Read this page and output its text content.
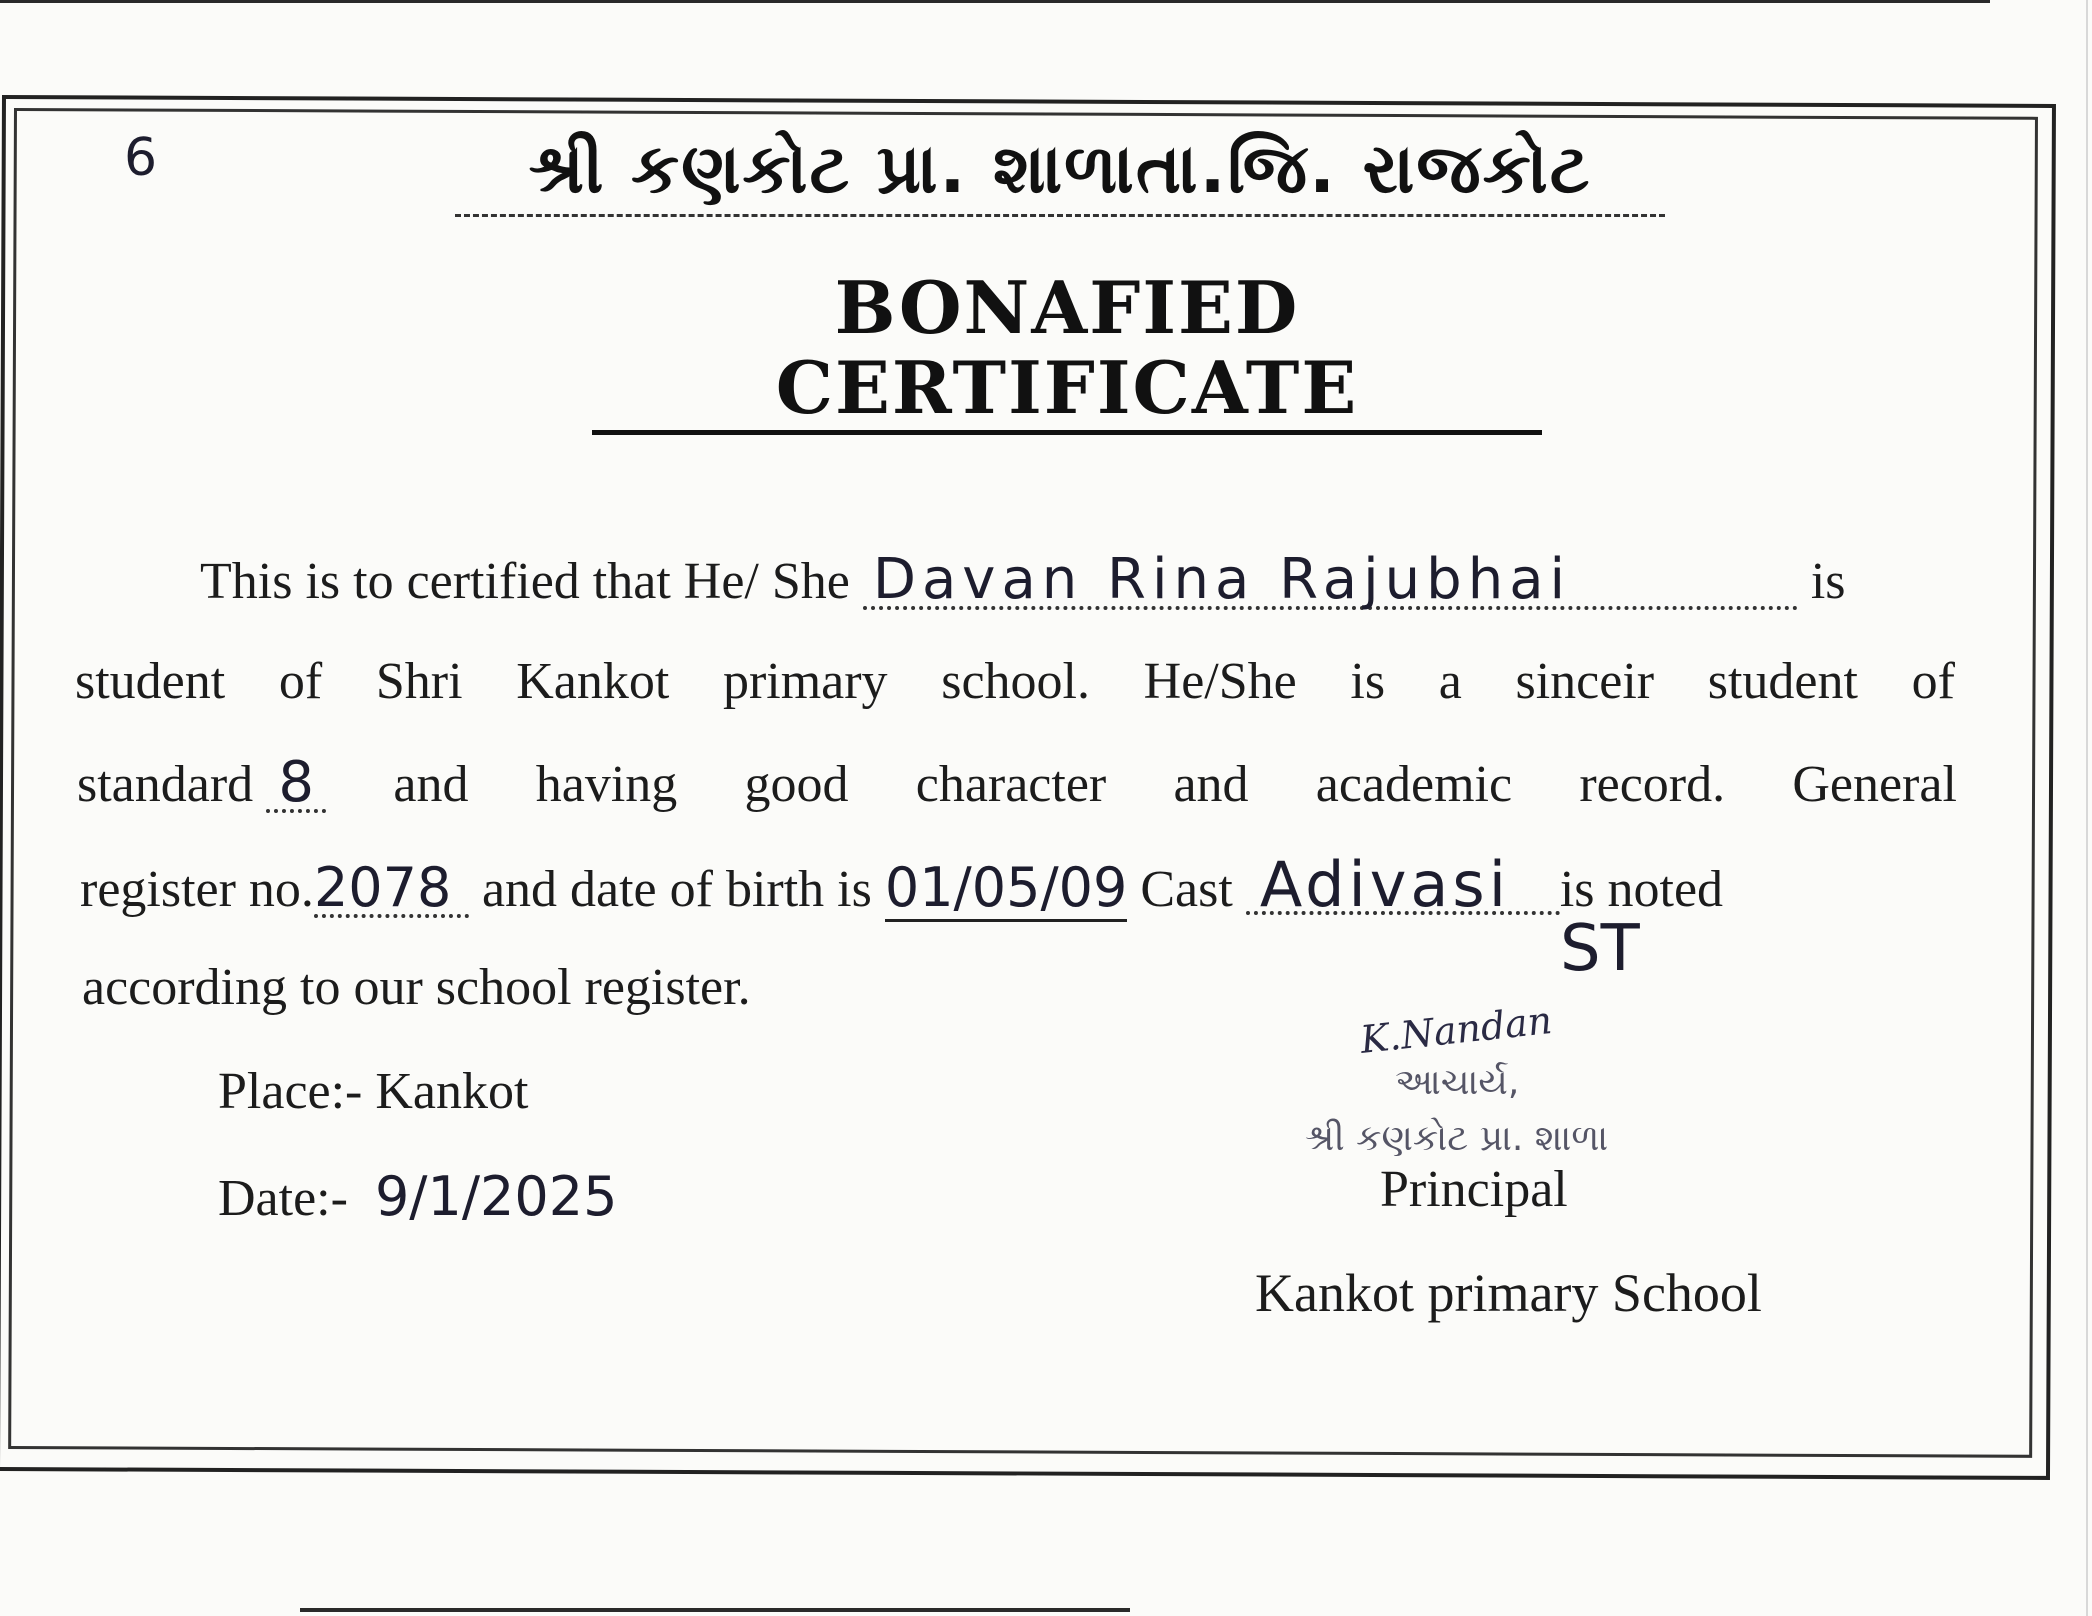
6	શ્રી કણકોટ પ્રા. શાળાતા.જિ. રાજકોટ
BONAFIED CERTIFICATE
This is to certified that He/ She Davan Rina Rajubhai	is
student of Shri Kankot primary school. He/She is a sinceir student of
standard 8 and having good character and academic record. General
register no.2078 and date of birth is 01/05/09 Cast Adivasi is noted
according to our school register.
ST
Place:- Kankot
Date:- 9/1/2025
K.Nandan
આચાર્ય,
શ્રી કણકોટ પ્રા. શાળા
Principal
Kankot primary School
